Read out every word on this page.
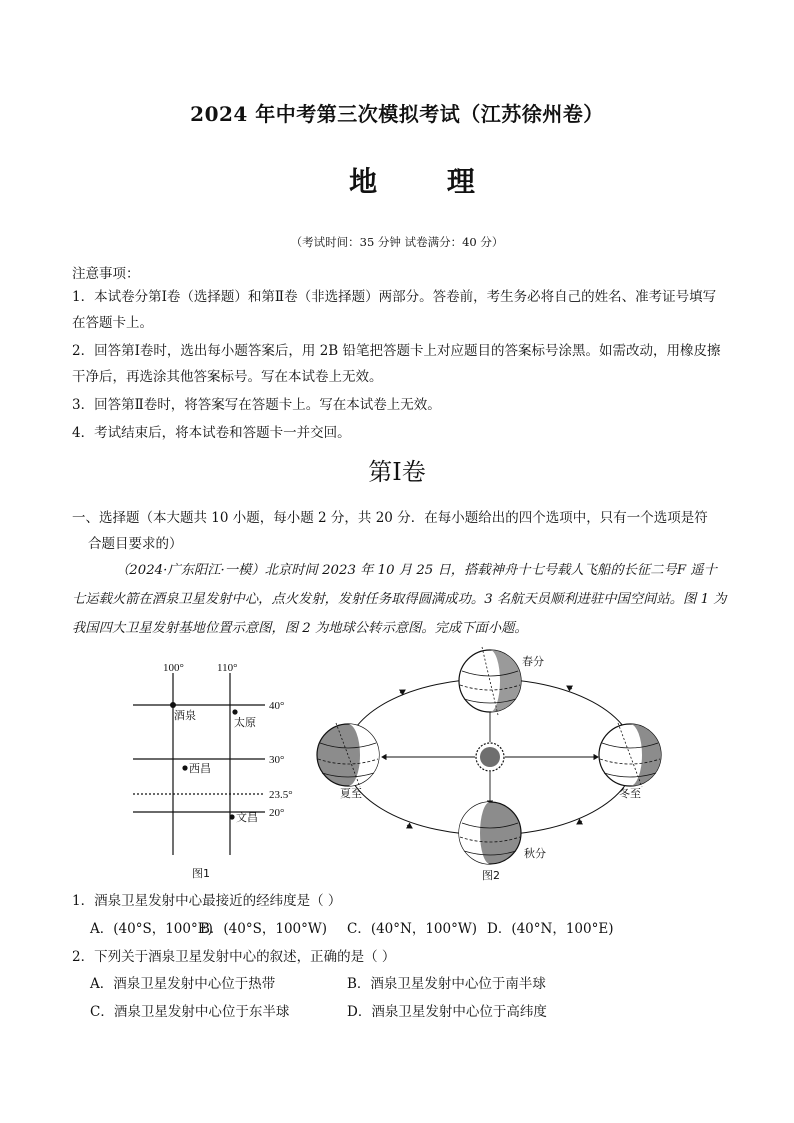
2024 年中考第三次模拟考试（江苏徐州卷）
地 理
（考试时间：35 分钟 试卷满分：40 分）
注意事项：
1．本试卷分第Ⅰ卷（选择题）和第Ⅱ卷（非选择题）两部分。答卷前，考生务必将自己的姓名、准考证号填写在答题卡上。
2．回答第Ⅰ卷时，选出每小题答案后，用 2B 铅笔把答题卡上对应题目的答案标号涂黑。如需改动，用橡皮擦干净后，再选涂其他答案标号。写在本试卷上无效。
3．回答第Ⅱ卷时，将答案写在答题卡上。写在本试卷上无效。
4．考试结束后，将本试卷和答题卡一并交回。
第Ⅰ卷
一、选择题（本大题共 10 小题，每小题 2 分，共 20 分．在每小题给出的四个选项中，只有一个选项是符
合题目要求的）
（2024·广东阳江·一模）北京时间 2023 年 10 月 25 日，搭载神舟十七号载人飞船的长征二号F 遥十七运载火箭在酒泉卫星发射中心，点火发射，发射任务取得圆满成功。3 名航天员顺利进驻中国空间站。图 1 为我国四大卫星发射基地位置示意图，图 2 为地球公转示意图。完成下面小题。
100°	110°
40°
30°
23.5°
20°
酒泉
太原
西昌
文昌
图1
春分
夏至
秋分
冬至
图2
1．酒泉卫星发射中心最接近的经纬度是（ ）
A．(40°S，100°E)
B．(40°S，100°W) C．(40°N，100°W) D．(40°N，100°E)
2．下列关于酒泉卫星发射中心的叙述，正确的是（ ）
A．酒泉卫星发射中心位于热带	B．酒泉卫星发射中心位于南半球
C．酒泉卫星发射中心位于东半球	D．酒泉卫星发射中心位于高纬度
